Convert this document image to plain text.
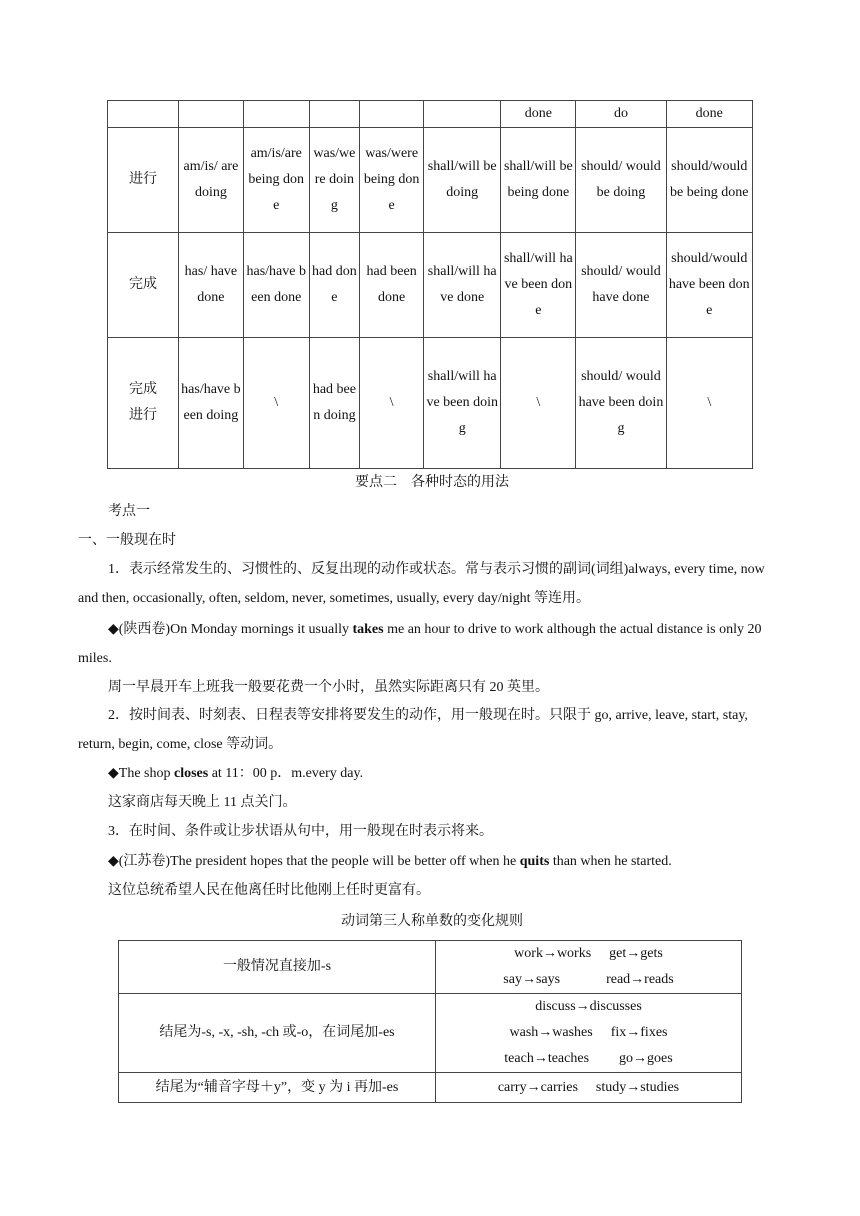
						done	do	done
进行	am/is/ are doing	am/is/are being done	was/were doing	was/were being done	shall/will be doing	shall/will be being done	should/ would be doing	should/would be being done
完成	has/ have done	has/have been done	had done	had been done	shall/will have done	shall/will have been done	should/ would have done	should/would have been done

完成
进行	has/have been doing	\	had been doing	\	shall/will have been doing	\	should/ would have been doing	\

要点二　各种时态的用法

考点一

一、一般现在时

1．表示经常发生的、习惯性的、反复出现的动作或状态。常与表示习惯的副词(词组)always, every time, now and then, occasionally, often, seldom, never, sometimes, usually, every day/night 等连用。

◆(陕西卷)On Monday mornings it usually takes me an hour to drive to work although the actual distance is only 20 miles.

周一早晨开车上班我一般要花费一个小时，虽然实际距离只有 20 英里。

2．按时间表、时刻表、日程表等安排将要发生的动作，用一般现在时。只限于 go, arrive, leave, start, stay, return, begin, come, close 等动词。

◆The shop closes at 11：00 p．m.every day.

这家商店每天晚上 11 点关门。

3．在时间、条件或让步状语从句中，用一般现在时表示将来。

◆(江苏卷)The president hopes that the people will be better off when he quits than when he started.

这位总统希望人民在他离任时比他刚上任时更富有。

动词第三人称单数的变化规则

一般情况直接加-s	work→works get→gets
say→says read→reads

结尾为-s, -x, -sh, -ch 或-o，在词尾加-es	discuss→discusses
wash→washes fix→fixes
teach→teaches go→goes

结尾为“辅音字母＋y”，变 y 为 i 再加-es	carry→carries study→studies
